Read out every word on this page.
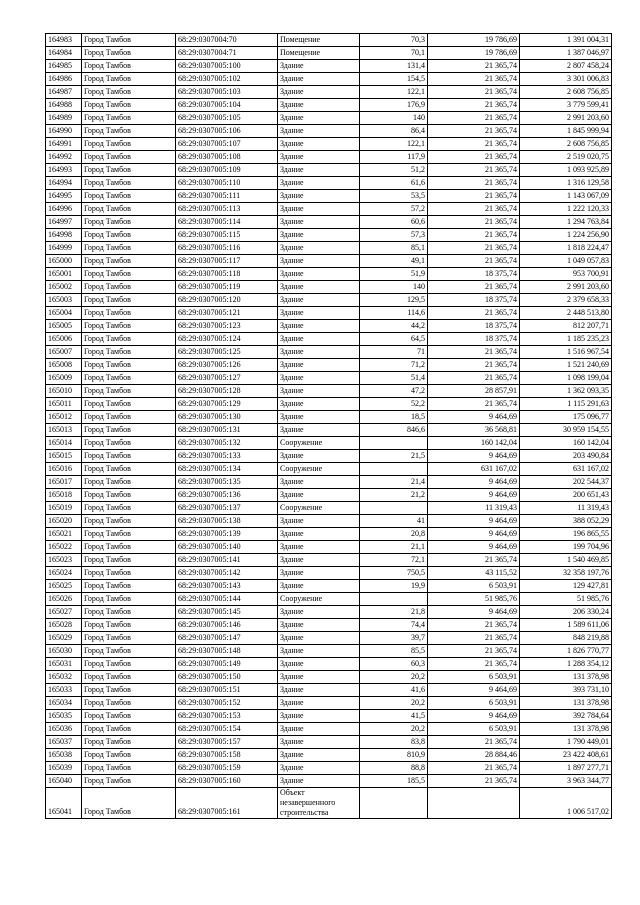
164983	Город Тамбов	68:29:0307004:70	Помещение	70,3	19 786,69	1 391 004,31
164984	Город Тамбов	68:29:0307004:71	Помещение	70,1	19 786,69	1 387 046,97
164985	Город Тамбов	68:29:0307005:100	Здание	131,4	21 365,74	2 807 458,24
164986	Город Тамбов	68:29:0307005:102	Здание	154,5	21 365,74	3 301 006,83
164987	Город Тамбов	68:29:0307005:103	Здание	122,1	21 365,74	2 608 756,85
164988	Город Тамбов	68:29:0307005:104	Здание	176,9	21 365,74	3 779 599,41
164989	Город Тамбов	68:29:0307005:105	Здание	140	21 365,74	2 991 203,60
164990	Город Тамбов	68:29:0307005:106	Здание	86,4	21 365,74	1 845 999,94
164991	Город Тамбов	68:29:0307005:107	Здание	122,1	21 365,74	2 608 756,85
164992	Город Тамбов	68:29:0307005:108	Здание	117,9	21 365,74	2 519 020,75
164993	Город Тамбов	68:29:0307005:109	Здание	51,2	21 365,74	1 093 925,89
164994	Город Тамбов	68:29:0307005:110	Здание	61,6	21 365,74	1 316 129,58
164995	Город Тамбов	68:29:0307005:111	Здание	53,5	21 365,74	1 143 067,09
164996	Город Тамбов	68:29:0307005:113	Здание	57,2	21 365,74	1 222 120,33
164997	Город Тамбов	68:29:0307005:114	Здание	60,6	21 365,74	1 294 763,84
164998	Город Тамбов	68:29:0307005:115	Здание	57,3	21 365,74	1 224 256,90
164999	Город Тамбов	68:29:0307005:116	Здание	85,1	21 365,74	1 818 224,47
165000	Город Тамбов	68:29:0307005:117	Здание	49,1	21 365,74	1 049 057,83
165001	Город Тамбов	68:29:0307005:118	Здание	51,9	18 375,74	953 700,91
165002	Город Тамбов	68:29:0307005:119	Здание	140	21 365,74	2 991 203,60
165003	Город Тамбов	68:29:0307005:120	Здание	129,5	18 375,74	2 379 658,33
165004	Город Тамбов	68:29:0307005:121	Здание	114,6	21 365,74	2 448 513,80
165005	Город Тамбов	68:29:0307005:123	Здание	44,2	18 375,74	812 207,71
165006	Город Тамбов	68:29:0307005:124	Здание	64,5	18 375,74	1 185 235,23
165007	Город Тамбов	68:29:0307005:125	Здание	71	21 365,74	1 516 967,54
165008	Город Тамбов	68:29:0307005:126	Здание	71,2	21 365,74	1 521 240,69
165009	Город Тамбов	68:29:0307005:127	Здание	51,4	21 365,74	1 098 199,04
165010	Город Тамбов	68:29:0307005:128	Здание	47,2	28 857,91	1 362 093,35
165011	Город Тамбов	68:29:0307005:129	Здание	52,2	21 365,74	1 115 291,63
165012	Город Тамбов	68:29:0307005:130	Здание	18,5	9 464,69	175 096,77
165013	Город Тамбов	68:29:0307005:131	Здание	846,6	36 568,81	30 959 154,55
165014	Город Тамбов	68:29:0307005:132	Сооружение		160 142,04	160 142,04
165015	Город Тамбов	68:29:0307005:133	Здание	21,5	9 464,69	203 490,84
165016	Город Тамбов	68:29:0307005:134	Сооружение		631 167,02	631 167,02
165017	Город Тамбов	68:29:0307005:135	Здание	21,4	9 464,69	202 544,37
165018	Город Тамбов	68:29:0307005:136	Здание	21,2	9 464,69	200 651,43
165019	Город Тамбов	68:29:0307005:137	Сооружение		11 319,43	11 319,43
165020	Город Тамбов	68:29:0307005:138	Здание	41	9 464,69	388 052,29
165021	Город Тамбов	68:29:0307005:139	Здание	20,8	9 464,69	196 865,55
165022	Город Тамбов	68:29:0307005:140	Здание	21,1	9 464,69	199 704,96
165023	Город Тамбов	68:29:0307005:141	Здание	72,1	21 365,74	1 540 469,85
165024	Город Тамбов	68:29:0307005:142	Здание	750,5	43 115,52	32 358 197,76
165025	Город Тамбов	68:29:0307005:143	Здание	19,9	6 503,91	129 427,81
165026	Город Тамбов	68:29:0307005:144	Сооружение		51 985,76	51 985,76
165027	Город Тамбов	68:29:0307005:145	Здание	21,8	9 464,69	206 330,24
165028	Город Тамбов	68:29:0307005:146	Здание	74,4	21 365,74	1 589 611,06
165029	Город Тамбов	68:29:0307005:147	Здание	39,7	21 365,74	848 219,88
165030	Город Тамбов	68:29:0307005:148	Здание	85,5	21 365,74	1 826 770,77
165031	Город Тамбов	68:29:0307005:149	Здание	60,3	21 365,74	1 288 354,12
165032	Город Тамбов	68:29:0307005:150	Здание	20,2	6 503,91	131 378,98
165033	Город Тамбов	68:29:0307005:151	Здание	41,6	9 464,69	393 731,10
165034	Город Тамбов	68:29:0307005:152	Здание	20,2	6 503,91	131 378,98
165035	Город Тамбов	68:29:0307005:153	Здание	41,5	9 464,69	392 784,64
165036	Город Тамбов	68:29:0307005:154	Здание	20,2	6 503,91	131 378,98
165037	Город Тамбов	68:29:0307005:157	Здание	83,8	21 365,74	1 790 449,01
165038	Город Тамбов	68:29:0307005:158	Здание	810,9	28 884,46	23 422 408,61
165039	Город Тамбов	68:29:0307005:159	Здание	88,8	21 365,74	1 897 277,71
165040	Город Тамбов	68:29:0307005:160	Здание	185,5	21 365,74	3 963 344,77
165041	Город Тамбов	68:29:0307005:161	Объект незавершенного строительства			1 006 517,02
